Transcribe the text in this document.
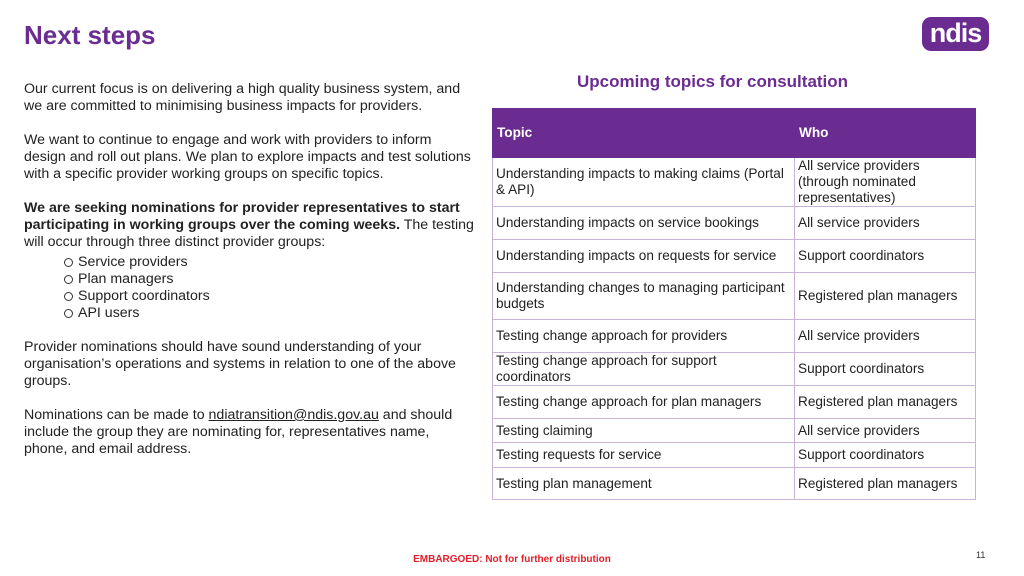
Next steps	ndis

Our current focus is on delivering a high quality business system, and we are committed to minimising business impacts for providers.

We want to continue to engage and work with providers to inform design and roll out plans. We plan to explore impacts and test solutions with a specific provider working groups on specific topics.

We are seeking nominations for provider representatives to start participating in working groups over the coming weeks. The testing will occur through three distinct provider groups:

Service providers
Plan managers
Support coordinators
API users

Provider nominations should have sound understanding of your organisation’s operations and systems in relation to one of the above groups.

Nominations can be made to ndiatransition@ndis.gov.au and should include the group they are nominating for, representatives name, phone, and email address.

Upcoming topics for consultation
Topic	Who
Understanding impacts to making claims (Portal & API)	All service providers (through nominated representatives)
Understanding impacts on service bookings	All service providers
Understanding impacts on requests for service	Support coordinators
Understanding changes to managing participant budgets	Registered plan managers
Testing change approach for providers	All service providers
Testing change approach for support coordinators	Support coordinators
Testing change approach for plan managers	Registered plan managers
Testing claiming	All service providers
Testing requests for service	Support coordinators
Testing plan management	Registered plan managers
EMBARGOED: Not for further distribution	11
